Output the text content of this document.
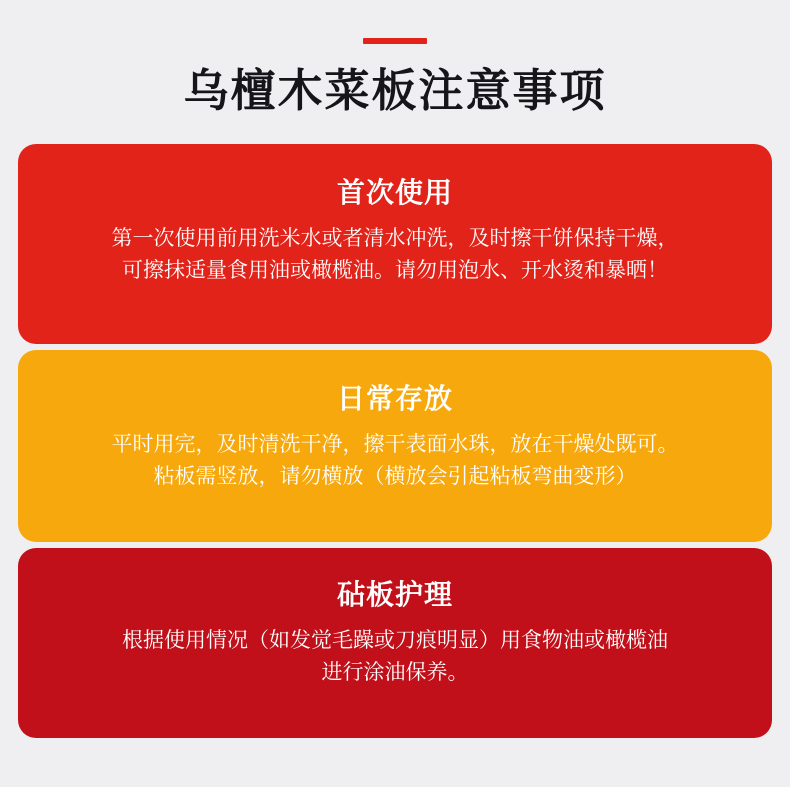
乌檀木菜板注意事项
首次使用

第一次使用前用洗米水或者清水冲洗，及时擦干饼保持干燥，

可擦抹适量食用油或橄榄油。请勿用泡水、开水烫和暴晒！

日常存放

平时用完，及时清洗干净，擦干表面水珠，放在干燥处既可。

粘板需竖放，请勿横放（横放会引起粘板弯曲变形）

砧板护理

根据使用情况（如发觉毛躁或刀痕明显）用食物油或橄榄油

进行涂油保养。
